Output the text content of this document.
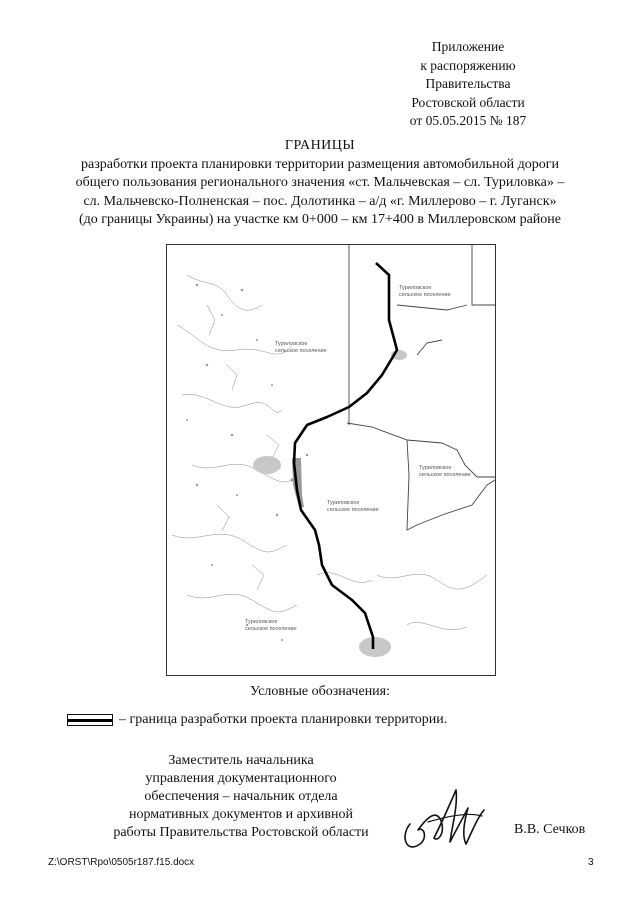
Приложение
к распоряжению
Правительства
Ростовской области
от 05.05.2015 № 187
ГРАНИЦЫ
разработки проекта планировки территории размещения автомобильной дороги
общего пользования регионального значения «ст. Мальчевская – сл. Туриловка» –
сл. Мальчевско-Полненская – пос. Долотинка – а/д «г. Миллерово – г. Луганск»
(до границы Украины) на участке км 0+000 – км 17+400 в Миллеровском районе
Туриловское
сельское поселение
Туриловское
сельское поселение
Туриловское
сельское поселение
Туриловское
сельское поселение
Туриловское
сельское поселение
Условные обозначения:
– граница разработки проекта планировки территории.
Заместитель начальника
управления документационного
обеспечения – начальник отдела
нормативных документов и архивной
работы Правительства Ростовской области	В.В. Сечков
Z:\ORST\Rpo\0505r187.f15.docx	3
